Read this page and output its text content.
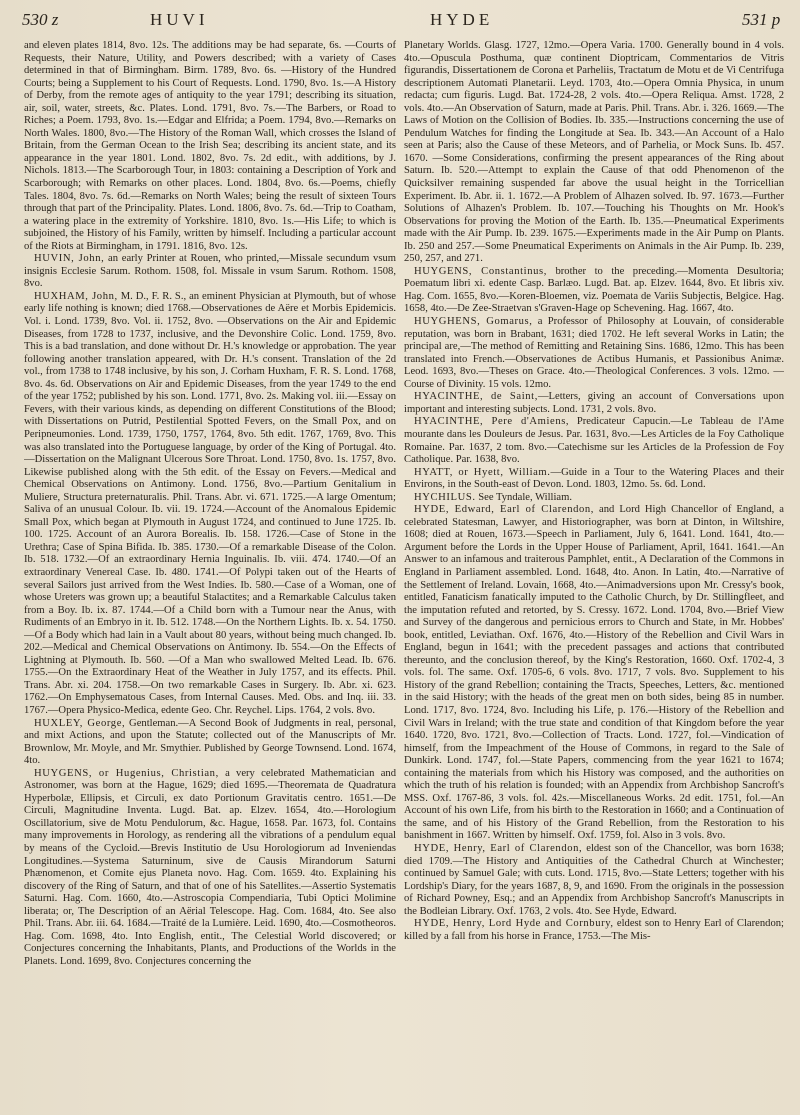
530 z	HUVI	HYDE	531 p

and eleven plates 1814, 8vo. 12s. The additions may be had separate, 6s. —Courts of Requests, their Nature, Utility, and Powers described; with a variety of Cases determined in that of Birmingham. Birm. 1789, 8vo. 6s. —History of the Hundred Courts; being a Supplement to his Court of Requests. Lond. 1790, 8vo. 1s.—A History of Derby, from the remote ages of antiquity to the year 1791; describing its situation, air, soil, water, streets, &c. Plates. Lond. 1791, 8vo. 7s.—The Barbers, or Road to Riches; a Poem. 1793, 8vo. 1s.—Edgar and Elfrida; a Poem. 1794, 8vo.—Remarks on North Wales. 1800, 8vo.—The History of the Roman Wall, which crosses the Island of Britain, from the German Ocean to the Irish Sea; describing its ancient state, and its appearance in the year 1801. Lond. 1802, 8vo. 7s. 2d edit., with additions, by J. Nichols. 1813.—The Scarborough Tour, in 1803: containing a Description of York and Scarborough; with Remarks on other places. Lond. 1804, 8vo. 6s.—Poems, chiefly Tales. 1804, 8vo. 7s. 6d.—Remarks on North Wales; being the result of sixteen Tours through that part of the Principality. Plates. Lond. 1806, 8vo. 7s. 6d.—Trip to Coatham, a watering place in the extremity of Yorkshire. 1810, 8vo. 1s.—His Life; to which is subjoined, the History of his Family, written by himself. Including a particular account of the Riots at Birmingham, in 1791. 1816, 8vo. 12s.

HUVIN, John, an early Printer at Rouen, who printed,—Missale secundum vsum insignis Ecclesie Sarum. Rothom. 1508, fol. Missale in vsum Sarum. Rothom. 1508, 8vo.

HUXHAM, John, M. D., F. R. S., an eminent Physician at Plymouth, but of whose early life nothing is known; died 1768.—Observationes de Aëre et Morbis Epidemicis. Vol. i. Lond. 1739, 8vo. Vol. ii. 1752, 8vo. —Observations on the Air and Epidemic Diseases, from 1728 to 1737, inclusive, and the Devonshire Colic. Lond. 1759, 8vo. This is a bad translation, and done without Dr. H.'s knowledge or approbation. The year following another translation appeared, with Dr. H.'s consent. Translation of the 2d vol., from 1738 to 1748 inclusive, by his son, J. Corham Huxham, F. R. S. Lond. 1768, 8vo. 4s. 6d. Observations on Air and Epidemic Diseases, from the year 1749 to the end of the year 1752; published by his son. Lond. 1771, 8vo. 2s. Making vol. iii.—Essay on Fevers, with their various kinds, as depending on different Constitutions of the Blood; with Dissertations on Putrid, Pestilential Spotted Fevers, on the Small Pox, and on Peripneumonies. Lond. 1739, 1750, 1757, 1764, 8vo. 5th edit. 1767, 1769, 8vo. This was also translated into the Portuguese language, by order of the King of Portugal. 4to.—Dissertation on the Malignant Ulcerous Sore Throat. Lond. 1750, 8vo. 1s. 1757, 8vo. Likewise published along with the 5th edit. of the Essay on Fevers.—Medical and Chemical Observations on Antimony. Lond. 1756, 8vo.—Partium Genitalium in Muliere, Structura preternaturalis. Phil. Trans. Abr. vi. 671. 1725.—A large Omentum; Saliva of an unusual Colour. Ib. vii. 19. 1724.—Account of the Anomalous Epidemic Small Pox, which began at Plymouth in August 1724, and continued to June 1725. Ib. 100. 1725. Account of an Aurora Borealis. Ib. 158. 1726.—Case of Stone in the Urethra; Case of Spina Bifida. Ib. 385. 1730.—Of a remarkable Disease of the Colon. Ib. 518. 1732.—Of an extraordinary Hernia Inguinalis. Ib. viii. 474. 1740.—Of an extraordinary Venereal Case. Ib. 480. 1741.—Of Polypi taken out of the Hearts of several Sailors just arrived from the West Indies. Ib. 580.—Case of a Woman, one of whose Ureters was grown up; a beautiful Stalactites; and a Remarkable Calculus taken from a Boy. Ib. ix. 87. 1744.—Of a Child born with a Tumour near the Anus, with Rudiments of an Embryo in it. Ib. 512. 1748.—On the Northern Lights. Ib. x. 54. 1750.—Of a Body which had lain in a Vault about 80 years, without being much changed. Ib. 202.—Medical and Chemical Observations on Antimony. Ib. 554.—On the Effects of Lightning at Plymouth. Ib. 560. —Of a Man who swallowed Melted Lead. Ib. 676. 1755.—On the Extraordinary Heat of the Weather in July 1757, and its effects. Phil. Trans. Abr. xi. 204. 1758.—On two remarkable Cases in Surgery. Ib. Abr. xi. 623. 1762.—On Emphysematous Cases, from Internal Causes. Med. Obs. and Inq. iii. 33. 1767.—Opera Physico-Medica, edente Geo. Chr. Reychel. Lips. 1764, 2 vols. 8vo.

HUXLEY, George, Gentleman.—A Second Book of Judgments in real, personal, and mixt Actions, and upon the Statute; collected out of the Manuscripts of Mr. Brownlow, Mr. Moyle, and Mr. Smythier. Published by George Townsend. Lond. 1674, 4to.

HUYGENS, or Hugenius, Christian, a very celebrated Mathematician and Astronomer, was born at the Hague, 1629; died 1695.—Theoremata de Quadratura Hyperbolæ, Ellipsis, et Circuli, ex dato Portionum Gravitatis centro. 1651.—De Circuli, Magnitudine Inventa. Lugd. Bat. ap. Elzev. 1654, 4to.—Horologium Oscillatorium, sive de Motu Pendulorum, &c. Hague, 1658. Par. 1673, fol. Contains many improvements in Horology, as rendering all the vibrations of a pendulum equal by means of the Cycloid.—Brevis Institutio de Usu Horologiorum ad Inveniendas Longitudines.—Systema Saturninum, sive de Causis Mirandorum Saturni Phænomenon, et Comite ejus Planeta novo. Hag. Com. 1659. 4to. Explaining his discovery of the Ring of Saturn, and that of one of his Satellites.—Assertio Systematis Saturni. Hag. Com. 1660, 4to.—Astroscopia Compendiaria, Tubi Optici Molimine liberata; or, The Description of an Aërial Telescope. Hag. Com. 1684, 4to. See also Phil. Trans. Abr. iii. 64. 1684.—Traité de la Lumière. Leid. 1690, 4to.—Cosmotheoros. Hag. Com. 1698, 4to. Into English, entit., The Celestial World discovered; or Conjectures concerning the Inhabitants, Plants, and Productions of the Worlds in the Planets. Lond. 1699, 8vo. Conjectures concerning the

Planetary Worlds. Glasg. 1727, 12mo.—Opera Varia. 1700. Generally bound in 4 vols. 4to.—Opuscula Posthuma, quæ continent Dioptricam, Commentarios de Vitris figurandis, Dissertationem de Corona et Parheliis, Tractatum de Motu et de Vi Centrifuga descriptionem Automati Planetarii. Leyd. 1703, 4to.—Opera Omnia Physica, in unum redacta; cum figuris. Lugd. Bat. 1724-28, 2 vols. 4to.—Opera Reliqua. Amst. 1728, 2 vols. 4to.—An Observation of Saturn, made at Paris. Phil. Trans. Abr. i. 326. 1669.—The Laws of Motion on the Collision of Bodies. Ib. 335.—Instructions concerning the use of Pendulum Watches for finding the Longitude at Sea. Ib. 343.—An Account of a Halo seen at Paris; also the Cause of these Meteors, and of Parhelia, or Mock Suns. Ib. 457. 1670. —Some Considerations, confirming the present appearances of the Ring about Saturn. Ib. 520.—Attempt to explain the Cause of that odd Phenomenon of the Quicksilver remaining suspended far above the usual height in the Torricellian Experiment. Ib. Abr. ii. 1. 1672.—A Problem of Alhazen solved. Ib. 97. 1673.—Further Solutions of Alhazen's Problem. Ib. 107.—Touching his Thoughts on Mr. Hook's Observations for proving the Motion of the Earth. Ib. 135.—Pneumatical Experiments made with the Air Pump. Ib. 239. 1675.—Experiments made in the Air Pump on Plants. Ib. 250 and 257.—Some Pneumatical Experiments on Animals in the Air Pump. Ib. 239, 250, 257, and 271.

HUYGENS, Constantinus, brother to the preceding.—Momenta Desultoria; Poematum libri xi. edente Casp. Barlæo. Lugd. Bat. ap. Elzev. 1644, 8vo. Et libris xiv. Hag. Com. 1655, 8vo.—Koren-Bloemen, viz. Poemata de Variis Subjectis, Belgice. Hag. 1658, 4to.—De Zee-Straetvan s'Graven-Hage op Schevening. Hag. 1667, 4to.

HUYGHENS, Gomarus, a Professor of Philosophy at Louvain, of considerable reputation, was born in Brabant, 1631; died 1702. He left several Works in Latin; the principal are,—The method of Remitting and Retaining Sins. 1686, 12mo. This has been translated into French.—Observationes de Actibus Humanis, et Passionibus Animæ. Leod. 1693, 8vo.—Theses on Grace. 4to.—Theological Conferences. 3 vols. 12mo. —Course of Divinity. 15 vols. 12mo.

HYACINTHE, de Saint,—Letters, giving an account of Conversations upon important and interesting subjects. Lond. 1731, 2 vols. 8vo.

HYACINTHE, Pere d'Amiens, Predicateur Capucin.—Le Tableau de l'Ame mourante dans les Douleurs de Jesus. Par. 1631, 8vo.—Les Articles de la Foy Catholique Romaine. Par. 1637, 2 tom. 8vo.—Catechisme sur les Articles de la Profession de Foy Catholique. Par. 1638, 8vo.

HYATT, or Hyett, William.—Guide in a Tour to the Watering Places and their Environs, in the South-east of Devon. Lond. 1803, 12mo. 5s. 6d. Lond.

HYCHILUS. See Tyndale, William.

HYDE, Edward, Earl of Clarendon, and Lord High Chancellor of England, a celebrated Statesman, Lawyer, and Historiographer, was born at Dinton, in Wiltshire, 1608; died at Rouen, 1673.—Speech in Parliament, July 6, 1641. Lond. 1641, 4to.—Argument before the Lords in the Upper House of Parliament, April, 1641. 1641.—An Answer to an infamous and traiterous Pamphlet, entit., A Declaration of the Commons in England in Parliament assembled. Lond. 1648, 4to. Anon. In Latin, 4to.—Narrative of the Settlement of Ireland. Lovain, 1668, 4to.—Animadversions upon Mr. Cressy's book, entitled, Fanaticism fanatically imputed to the Catholic Church, by Dr. Stillingfleet, and the imputation refuted and retorted, by S. Cressy. 1672. Lond. 1704, 8vo.—Brief View and Survey of the dangerous and pernicious errors to Church and State, in Mr. Hobbes' book, entitled, Leviathan. Oxf. 1676, 4to.—History of the Rebellion and Civil Wars in England, begun in 1641; with the precedent passages and actions that contributed thereunto, and the conclusion thereof, by the King's Restoration, 1660. Oxf. 1702-4, 3 vols. fol. The same. Oxf. 1705-6, 6 vols. 8vo. 1717, 7 vols. 8vo. Supplement to his History of the grand Rebellion; containing the Tracts, Speeches, Letters, &c. mentioned in the said History; with the heads of the great men on both sides, being 85 in number. Lond. 1717, 8vo. 1724, 8vo. Including his Life, p. 176.—History of the Rebellion and Civil Wars in Ireland; with the true state and condition of that Kingdom before the year 1640. 1720, 8vo. 1721, 8vo.—Collection of Tracts. Lond. 1727, fol.—Vindication of himself, from the Impeachment of the House of Commons, in regard to the Sale of Dunkirk. Lond. 1747, fol.—State Papers, commencing from the year 1621 to 1674; containing the materials from which his History was composed, and the authorities on which the truth of his relation is founded; with an Appendix from Archbishop Sancroft's MSS. Oxf. 1767-86, 3 vols. fol. 42s.—Miscellaneous Works. 2d edit. 1751, fol.—An Account of his own Life, from his birth to the Restoration in 1660; and a Continuation of the same, and of his History of the Grand Rebellion, from the Restoration to his banishment in 1667. Written by himself. Oxf. 1759, fol. Also in 3 vols. 8vo.

HYDE, Henry, Earl of Clarendon, eldest son of the Chancellor, was born 1638; died 1709.—The History and Antiquities of the Cathedral Church at Winchester; continued by Samuel Gale; with cuts. Lond. 1715, 8vo.—State Letters; together with his Lordship's Diary, for the years 1687, 8, 9, and 1690. From the originals in the possession of Richard Powney, Esq.; and an Appendix from Archbishop Sancroft's Manuscripts in the Bodleian Library. Oxf. 1763, 2 vols. 4to. See Hyde, Edward.

HYDE, Henry, Lord Hyde and Cornbury, eldest son to Henry Earl of Clarendon; killed by a fall from his horse in France, 1753.—The Mis-
